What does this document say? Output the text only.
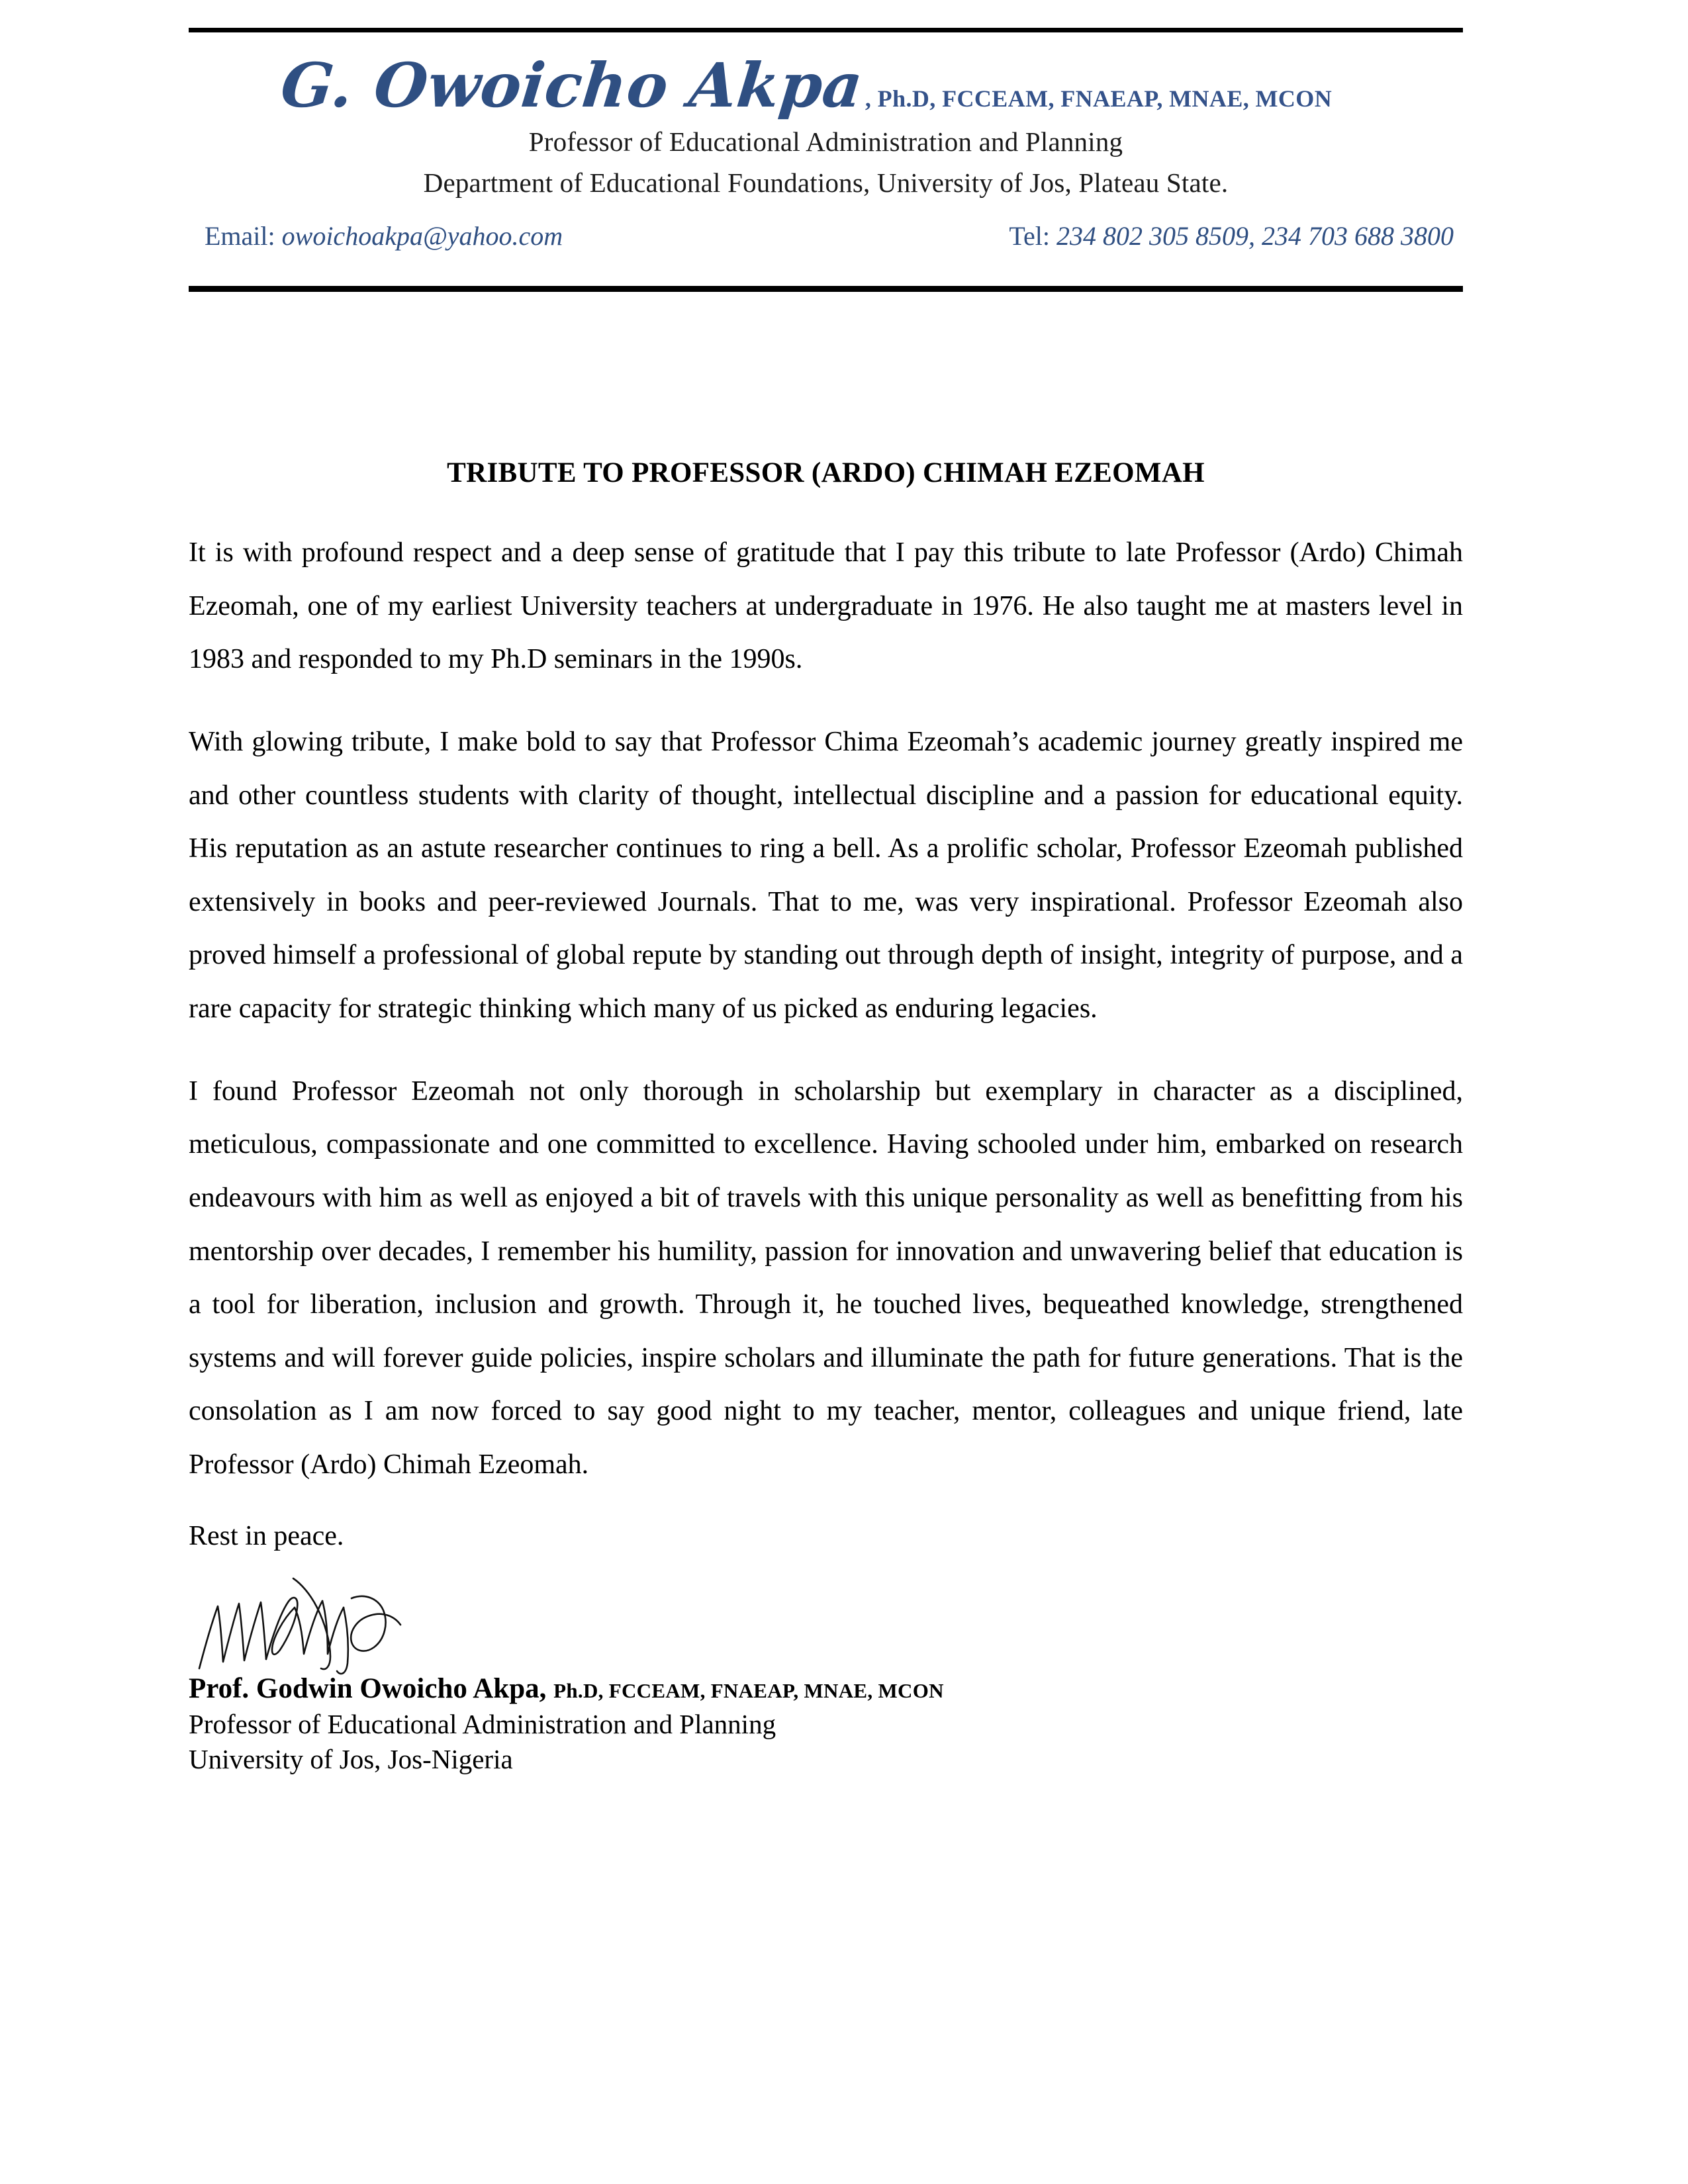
G. Owoicho Akpa
, Ph.D, FCCEAM, FNAEAP, MNAE, MCON
Professor of Educational Administration and Planning
Department of Educational Foundations, University of Jos, Plateau State.
Email: owoichoakpa@yahoo.com	Tel: 234 802 305 8509, 234 703 688 3800
TRIBUTE TO PROFESSOR (ARDO) CHIMAH EZEOMAH

It is with profound respect and a deep sense of gratitude that I pay this tribute to late Professor (Ardo) Chimah Ezeomah, one of my earliest University teachers at undergraduate in 1976. He also taught me at masters level in 1983 and responded to my Ph.D seminars in the 1990s.

With glowing tribute, I make bold to say that Professor Chima Ezeomah’s academic journey greatly inspired me and other countless students with clarity of thought, intellectual discipline and a passion for educational equity. His reputation as an astute researcher continues to ring a bell. As a prolific scholar, Professor Ezeomah published extensively in books and peer-reviewed Journals. That to me, was very inspirational. Professor Ezeomah also proved himself a professional of global repute by standing out through depth of insight, integrity of purpose, and a rare capacity for strategic thinking which many of us picked as enduring legacies.

I found Professor Ezeomah not only thorough in scholarship but exemplary in character as a disciplined, meticulous, compassionate and one committed to excellence. Having schooled under him, embarked on research endeavours with him as well as enjoyed a bit of travels with this unique personality as well as benefitting from his mentorship over decades, I remember his humility, passion for innovation and unwavering belief that education is a tool for liberation, inclusion and growth. Through it, he touched lives, bequeathed knowledge, strengthened systems and will forever guide policies, inspire scholars and illuminate the path for future generations. That is the consolation as I am now forced to say good night to my teacher, mentor, colleagues and unique friend, late Professor (Ardo) Chimah Ezeomah.

Rest in peace.

Prof. Godwin Owoicho Akpa, Ph.D, FCCEAM, FNAEAP, MNAE, MCON
Professor of Educational Administration and Planning
University of Jos, Jos-Nigeria
